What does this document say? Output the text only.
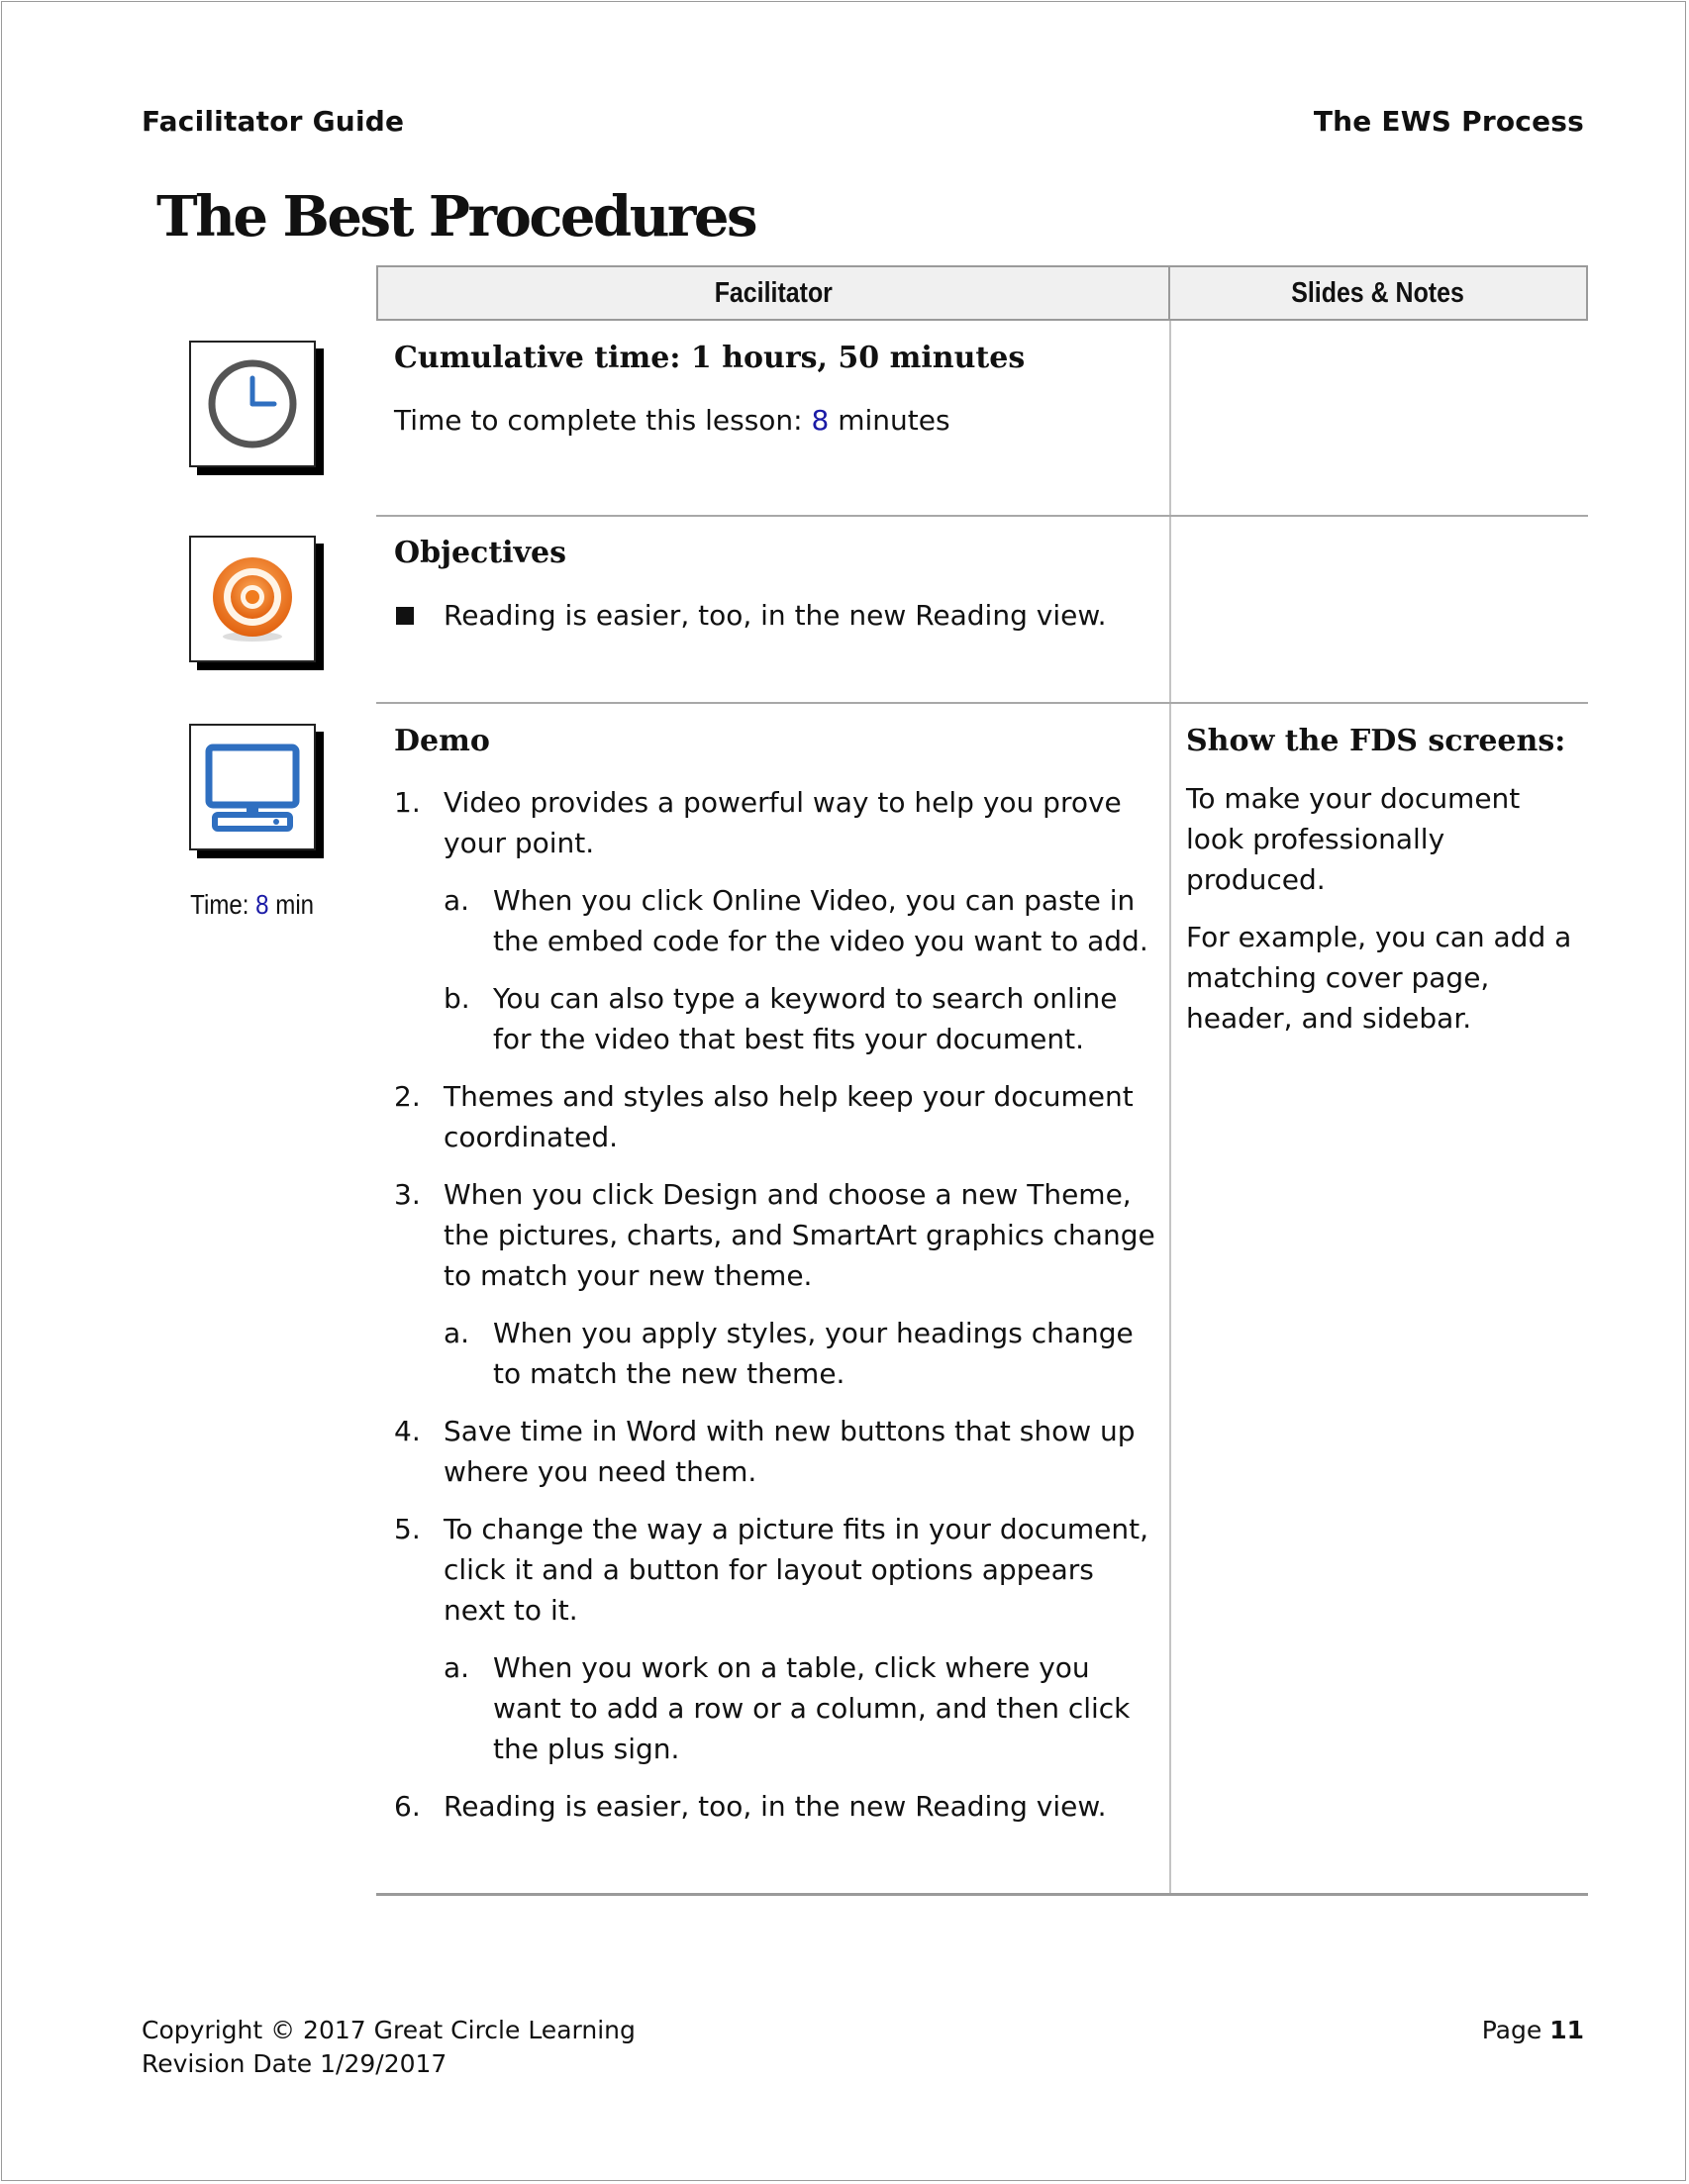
Facilitator Guide	The EWS Process
The Best Procedures
Facilitator	Slides & Notes
Time: 8 min

Cumulative time: 1 hours, 50 minutes

Time to complete this lesson: 8 minutes

Objectives

Reading is easier, too, in the new Reading view.

Demo

1. Video provides a powerful way to help you prove your point.
a. When you click Online Video, you can paste in the embed code for the video you want to add.
b. You can also type a keyword to search online for the video that best fits your document.
2. Themes and styles also help keep your document coordinated.
3. When you click Design and choose a new Theme, the pictures, charts, and SmartArt graphics change to match your new theme.
a. When you apply styles, your headings change to match the new theme.
4. Save time in Word with new buttons that show up where you need them.
5. To change the way a picture fits in your document, click it and a button for layout options appears next to it.
a. When you work on a table, click where you want to add a row or a column, and then click the plus sign.
6. Reading is easier, too, in the new Reading view.

Show the FDS screens:

To make your document look professionally produced.

For example, you can add a matching cover page, header, and sidebar.

Copyright © 2017 Great Circle Learning
Revision Date 1/29/2017
Page 11
